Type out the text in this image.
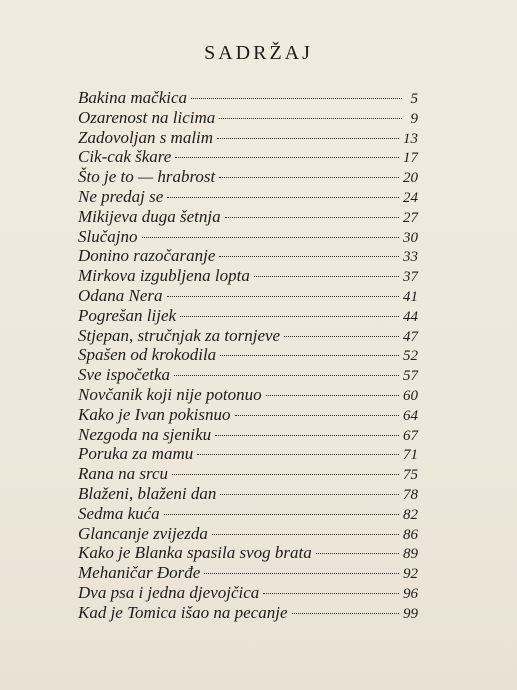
SADRŽAJ
Bakina mačkica	5
Ozarenost na licima	9
Zadovoljan s malim	13
Cik-cak škare	17
Što je to — hrabrost	20
Ne predaj se	24
Mikijeva duga šetnja	27
Slučajno	30
Donino razočaranje	33
Mirkova izgubljena lopta	37
Odana Nera	41
Pogrešan lijek	44
Stjepan, stručnjak za tornjeve	47
Spašen od krokodila	52
Sve ispočetka	57
Novčanik koji nije potonuo	60
Kako je Ivan pokisnuo	64
Nezgoda na sjeniku	67
Poruka za mamu	71
Rana na srcu	75
Blaženi, blaženi dan	78
Sedma kuća	82
Glancanje zvijezda	86
Kako je Blanka spasila svog brata	89
Mehaničar Đorđe	92
Dva psa i jedna djevojčica	96
Kad je Tomica išao na pecanje	99
